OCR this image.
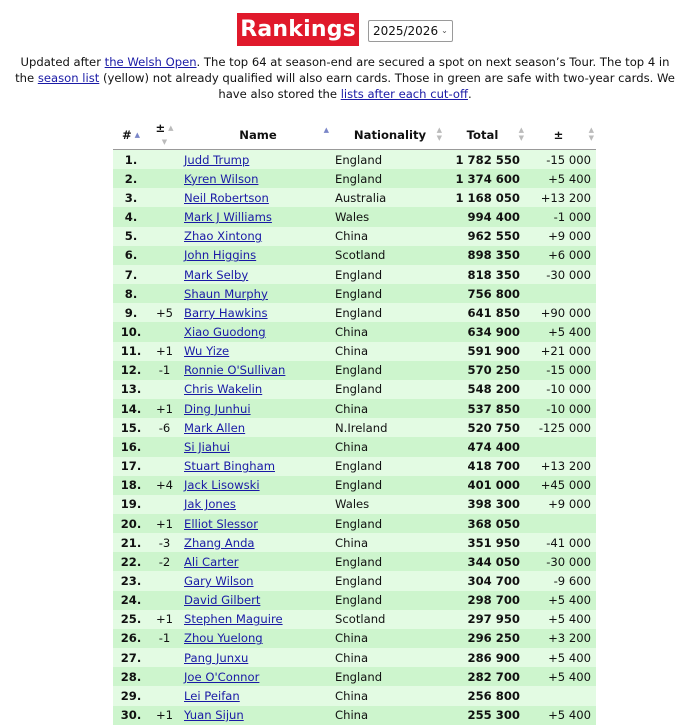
Rankings 2025/2026 ⌄
Updated after the Welsh Open. The top 64 at season-end are secured a spot on next season’s Tour. The top 4 in the season list (yellow) not already qualified will also earn cards. Those in green are safe with two-year cards. We have also stored the lists after each cut-off.
# ▲	± ▲
▼	Name ▲	Nationality ▲
▼	Total ▲
▼	± ▲
▼

1.		Judd Trump	England	1 782 550	-15 000
2.		Kyren Wilson	England	1 374 600	+5 400
3.		Neil Robertson	Australia	1 168 050	+13 200
4.		Mark J Williams	Wales	994 400	-1 000
5.		Zhao Xintong	China	962 550	+9 000
6.		John Higgins	Scotland	898 350	+6 000
7.		Mark Selby	England	818 350	-30 000
8.		Shaun Murphy	England	756 800	
9.	+5	Barry Hawkins	England	641 850	+90 000
10.		Xiao Guodong	China	634 900	+5 400
11.	+1	Wu Yize	China	591 900	+21 000
12.	-1	Ronnie O'Sullivan	England	570 250	-15 000
13.		Chris Wakelin	England	548 200	-10 000
14.	+1	Ding Junhui	China	537 850	-10 000
15.	-6	Mark Allen	N.Ireland	520 750	-125 000
16.		Si Jiahui	China	474 400	
17.		Stuart Bingham	England	418 700	+13 200
18.	+4	Jack Lisowski	England	401 000	+45 000
19.		Jak Jones	Wales	398 300	+9 000
20.	+1	Elliot Slessor	England	368 050	
21.	-3	Zhang Anda	China	351 950	-41 000
22.	-2	Ali Carter	England	344 050	-30 000
23.		Gary Wilson	England	304 700	-9 600
24.		David Gilbert	England	298 700	+5 400
25.	+1	Stephen Maguire	Scotland	297 950	+5 400
26.	-1	Zhou Yuelong	China	296 250	+3 200
27.		Pang Junxu	China	286 900	+5 400
28.		Joe O'Connor	England	282 700	+5 400
29.		Lei Peifan	China	256 800	
30.	+1	Yuan Sijun	China	255 300	+5 400
